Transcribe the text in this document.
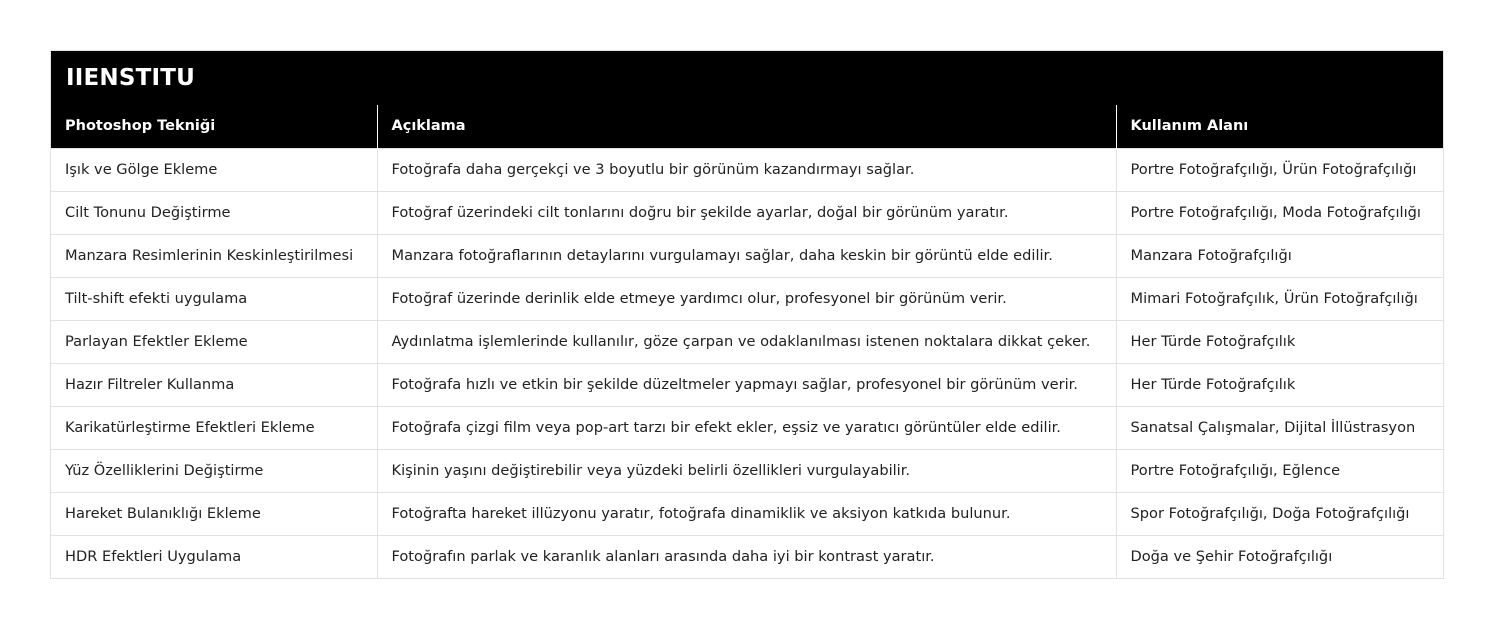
IIENSTITU
Photoshop Tekniği	Açıklama	Kullanım Alanı
Işık ve Gölge Ekleme	Fotoğrafa daha gerçekçi ve 3 boyutlu bir görünüm kazandırmayı sağlar.	Portre Fotoğrafçılığı, Ürün Fotoğrafçılığı
Cilt Tonunu Değiştirme	Fotoğraf üzerindeki cilt tonlarını doğru bir şekilde ayarlar, doğal bir görünüm yaratır.	Portre Fotoğrafçılığı, Moda Fotoğrafçılığı
Manzara Resimlerinin Keskinleştirilmesi	Manzara fotoğraflarının detaylarını vurgulamayı sağlar, daha keskin bir görüntü elde edilir.	Manzara Fotoğrafçılığı
Tilt-shift efekti uygulama	Fotoğraf üzerinde derinlik elde etmeye yardımcı olur, profesyonel bir görünüm verir.	Mimari Fotoğrafçılık, Ürün Fotoğrafçılığı
Parlayan Efektler Ekleme	Aydınlatma işlemlerinde kullanılır, göze çarpan ve odaklanılması istenen noktalara dikkat çeker.	Her Türde Fotoğrafçılık
Hazır Filtreler Kullanma	Fotoğrafa hızlı ve etkin bir şekilde düzeltmeler yapmayı sağlar, profesyonel bir görünüm verir.	Her Türde Fotoğrafçılık
Karikatürleştirme Efektleri Ekleme	Fotoğrafa çizgi film veya pop-art tarzı bir efekt ekler, eşsiz ve yaratıcı görüntüler elde edilir.	Sanatsal Çalışmalar, Dijital İllüstrasyon
Yüz Özelliklerini Değiştirme	Kişinin yaşını değiştirebilir veya yüzdeki belirli özellikleri vurgulayabilir.	Portre Fotoğrafçılığı, Eğlence
Hareket Bulanıklığı Ekleme	Fotoğrafta hareket illüzyonu yaratır, fotoğrafa dinamiklik ve aksiyon katkıda bulunur.	Spor Fotoğrafçılığı, Doğa Fotoğrafçılığı
HDR Efektleri Uygulama	Fotoğrafın parlak ve karanlık alanları arasında daha iyi bir kontrast yaratır.	Doğa ve Şehir Fotoğrafçılığı
